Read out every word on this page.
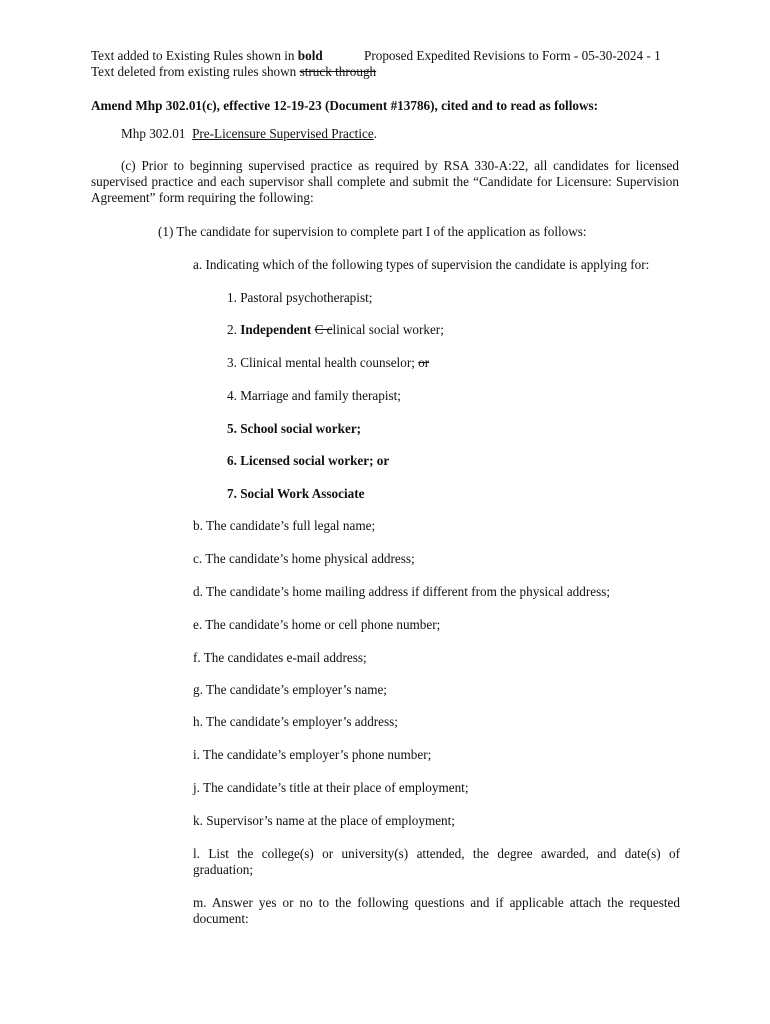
Text added to Existing Rules shown in bold	Proposed Expedited Revisions to Form - 05-30-2024 - 1
Text deleted from existing rules shown struck through
Amend Mhp 302.01(c), effective 12-19-23 (Document #13786), cited and to read as follows:
Mhp 302.01 Pre-Licensure Supervised Practice.
(c) Prior to beginning supervised practice as required by RSA 330-A:22, all candidates for licensed supervised practice and each supervisor shall complete and submit the “Candidate for Licensure: Supervision Agreement” form requiring the following:
(1) The candidate for supervision to complete part I of the application as follows:
a. Indicating which of the following types of supervision the candidate is applying for:
1. Pastoral psychotherapist;
2. Independent C clinical social worker;
3. Clinical mental health counselor; or
4. Marriage and family therapist;
5. School social worker;
6. Licensed social worker; or
7. Social Work Associate
b. The candidate’s full legal name;
c. The candidate’s home physical address;
d. The candidate’s home mailing address if different from the physical address;
e. The candidate’s home or cell phone number;
f. The candidates e-mail address;
g. The candidate’s employer’s name;
h. The candidate’s employer’s address;
i. The candidate’s employer’s phone number;
j. The candidate’s title at their place of employment;
k. Supervisor’s name at the place of employment;
l. List the college(s) or university(s) attended, the degree awarded, and date(s) of graduation;
m. Answer yes or no to the following questions and if applicable attach the requested document:
